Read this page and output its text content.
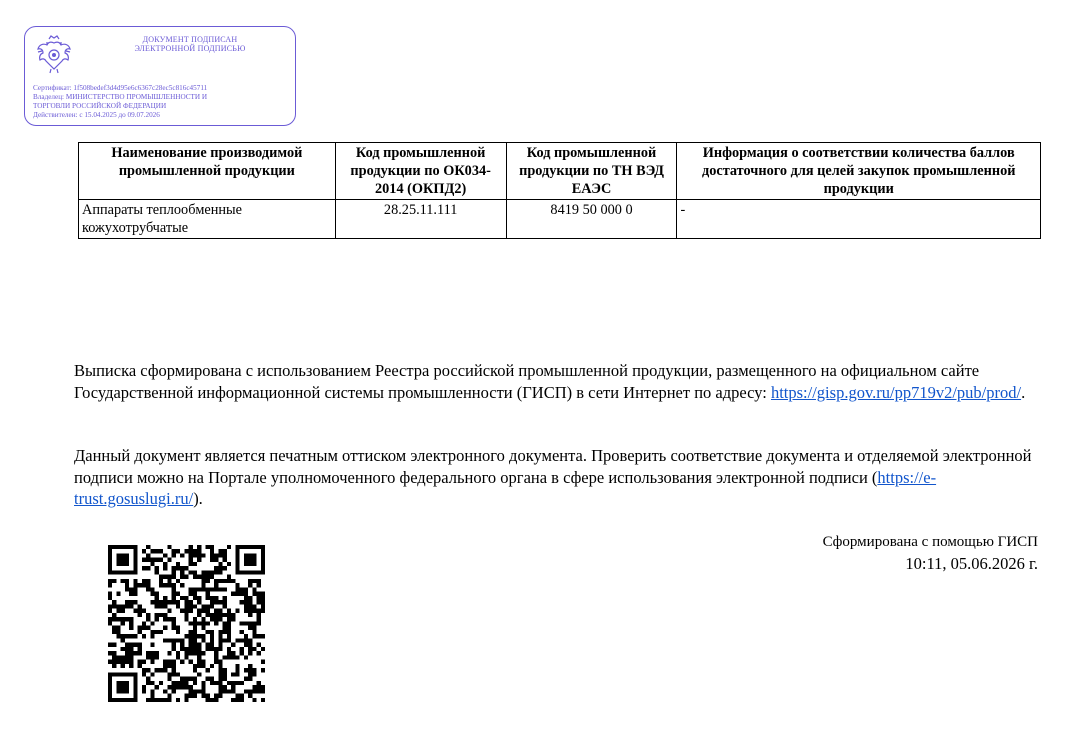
ДОКУМЕНТ ПОДПИСАН
ЭЛЕКТРОННОЙ ПОДПИСЬЮ
Сертификат: 1f508bedef3d4d95e6c6367c28ec5c816c45711
Владелец: МИНИСТЕРСТВО ПРОМЫШЛЕННОСТИ И
ТОРГОВЛИ РОССИЙСКОЙ ФЕДЕРАЦИИ
Действителен: с 15.04.2025 до 09.07.2026
Наименование производимой промышленной продукции	Код промышленной продукции по ОК034-2014 (ОКПД2)	Код промышленной продукции по ТН ВЭД ЕАЭС	Информация о соответствии количества баллов достаточного для целей закупок промышленной продукции
Аппараты теплообменные кожухотрубчатые	28.25.11.111	8419 50 000 0	-
Выписка сформирована с использованием Реестра российской промышленной продукции, размещенного на официальном сайте Государственной информационной системы промышленности (ГИСП) в сети Интернет по адресу: https://gisp.gov.ru/pp719v2/pub/prod/.
Данный документ является печатным оттиском электронного документа. Проверить соответствие документа и отделяемой электронной подписи можно на Портале уполномоченного федерального органа в сфере использования электронной подписи (https://e-trust.gosuslugi.ru/).
Сформирована с помощью ГИСП
10:11, 05.06.2026 г.
